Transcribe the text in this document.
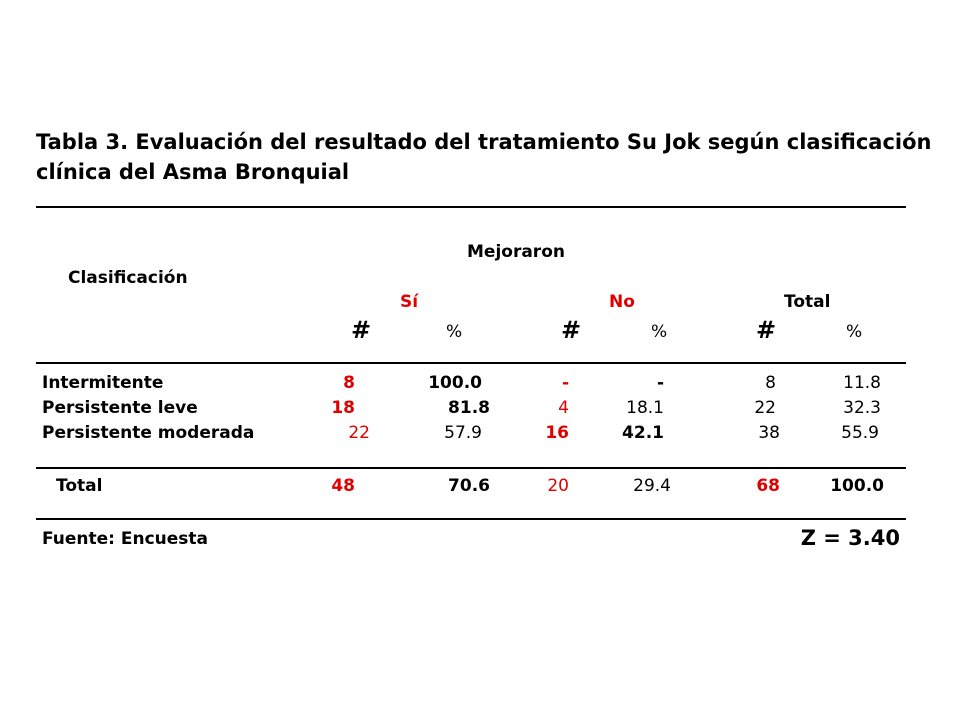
Tabla 3. Evaluación del resultado del tratamiento Su Jok según clasificación
clínica del Asma Bronquial
Mejoraron
Clasificación
Sí	No	Total
#	%	#	%	#	%
Intermitente	8	100.0	-	-	8	11.8
Persistente leve	18	81.8	4	18.1	22	32.3
Persistente moderada	22	57.9	16	42.1	38	55.9
Total	48	70.6	20	29.4	68	100.0
Fuente: Encuesta	Z = 3.40
